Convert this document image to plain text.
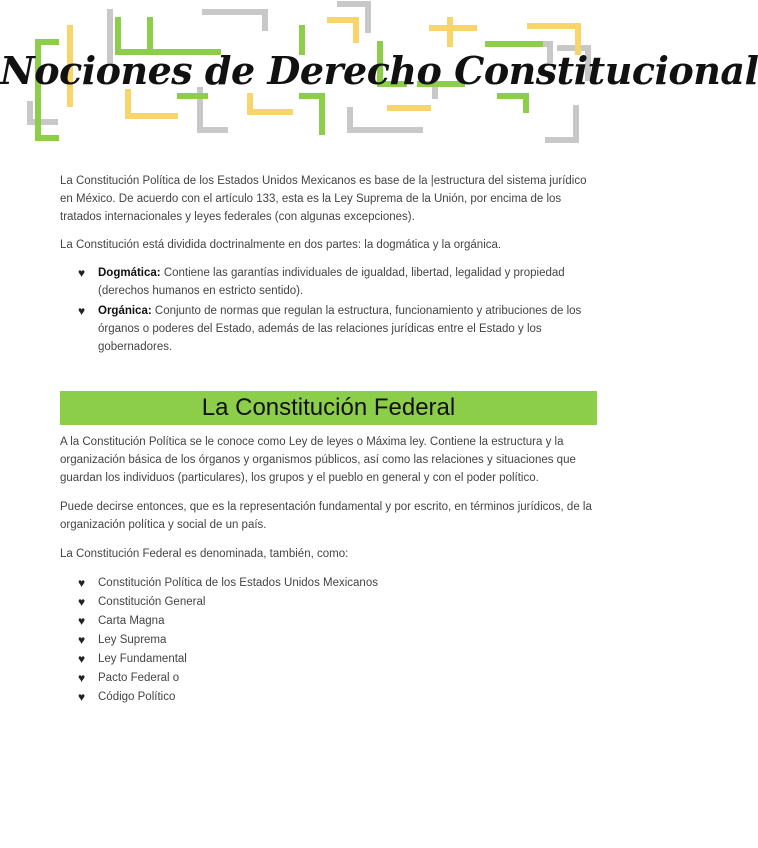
Nociones de Derecho Constitucional

La Constitución Política de los Estados Unidos Mexicanos es base de la |estructura del sistema jurídico en México. De acuerdo con el artículo 133, esta es la Ley Suprema de la Unión, por encima de los tratados internacionales y leyes federales (con algunas excepciones).

La Constitución está dividida doctrinalmente en dos partes: la dogmática y la orgánica.

♥ Dogmática: Contiene las garantías individuales de igualdad, libertad, legalidad y propiedad (derechos humanos en estricto sentido).
♥ Orgánica: Conjunto de normas que regulan la estructura, funcionamiento y atribuciones de los órganos o poderes del Estado, además de las relaciones jurídicas entre el Estado y los gobernadores.
La Constitución Federal

A la Constitución Política se le conoce como Ley de leyes o Máxima ley. Contiene la estructura y la organización básica de los órganos y organismos públicos, así como las relaciones y situaciones que guardan los individuos (particulares), los grupos y el pueblo en general y con el poder político.

Puede decirse entonces, que es la representación fundamental y por escrito, en términos jurídicos, de la organización política y social de un país.

La Constitución Federal es denominada, también, como:

♥ Constitución Política de los Estados Unidos Mexicanos
♥ Constitución General
♥ Carta Magna
♥ Ley Suprema
♥ Ley Fundamental
♥ Pacto Federal o
♥ Código Político
